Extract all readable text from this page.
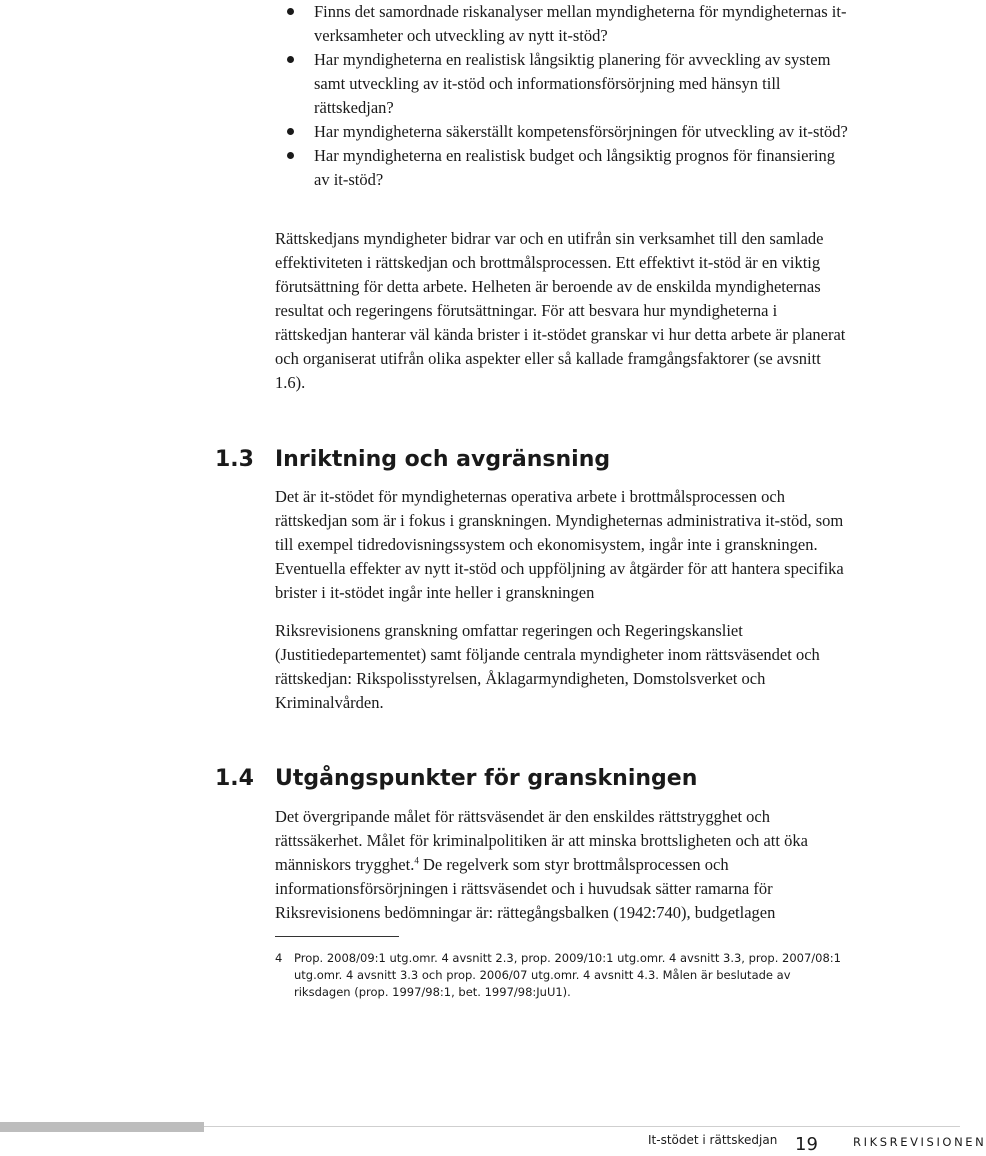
Finns det samordnade riskanalyser mellan myndigheterna för myndigheternas it-verksamheter och utveckling av nytt it-stöd?
Har myndigheterna en realistisk långsiktig planering för avveckling av system samt utveckling av it-stöd och informationsförsörjning med hänsyn till rättskedjan?
Har myndigheterna säkerställt kompetensförsörjningen för utveckling av it-stöd?
Har myndigheterna en realistisk budget och långsiktig prognos för finansiering av it-stöd?

Rättskedjans myndigheter bidrar var och en utifrån sin verksamhet till den samlade effektiviteten i rättskedjan och brottmålsprocessen. Ett effektivt it-stöd är en viktig förutsättning för detta arbete. Helheten är beroende av de enskilda myndigheternas resultat och regeringens förutsättningar. För att besvara hur myndigheterna i rättskedjan hanterar väl kända brister i it-stödet granskar vi hur detta arbete är planerat och organiserat utifrån olika aspekter eller så kallade framgångsfaktorer (se avsnitt 1.6).

1.3 Inriktning och avgränsning

Det är it-stödet för myndigheternas operativa arbete i brottmålsprocessen och rättskedjan som är i fokus i granskningen. Myndigheternas administrativa it-stöd, som till exempel tidredovisningssystem och ekonomisystem, ingår inte i granskningen. Eventuella effekter av nytt it-stöd och uppföljning av åtgärder för att hantera specifika brister i it-stödet ingår inte heller i granskningen

Riksrevisionens granskning omfattar regeringen och Regeringskansliet (Justitiedepartementet) samt följande centrala myndigheter inom rättsväsendet och rättskedjan: Rikspolisstyrelsen, Åklagarmyndigheten, Domstolsverket och Kriminalvården.

1.4 Utgångspunkter för granskningen

Det övergripande målet för rättsväsendet är den enskildes rättstrygghet och rättssäkerhet. Målet för kriminalpolitiken är att minska brottsligheten och att öka människors trygghet.$^4$ De regelverk som styr brottmålsprocessen och informationsförsörjningen i rättsväsendet och i huvudsak sätter ramarna för Riksrevisionens bedömningar är: rättegångsbalken (1942:740), budgetlagen

4 Prop. 2008/09:1 utg.omr. 4 avsnitt 2.3, prop. 2009/10:1 utg.omr. 4 avsnitt 3.3, prop. 2007/08:1 utg.omr. 4 avsnitt 3.3 och prop. 2006/07 utg.omr. 4 avsnitt 4.3. Målen är beslutade av riksdagen (prop. 1997/98:1, bet. 1997/98:JuU1).
It-stödet i rättskedjan 19	RIKSREVISIONEN
